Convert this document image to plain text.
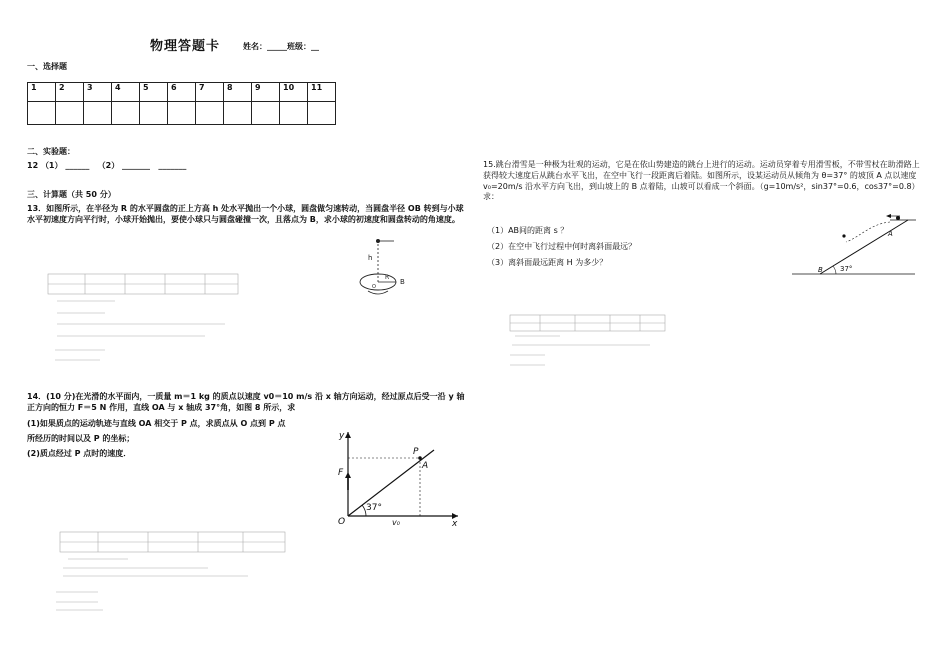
物理答题卡	姓名：_____班级：__
一、选择题
1	2	3	4	5	6	7	8	9	10	11

二、实验题：
12 （1） ______ （2） _______ _______
三、计算题（共 50 分）
13．如图所示，在半径为 R 的水平圆盘的正上方高 h 处水平抛出一个小球，圆盘做匀速转动，当圆盘半径 OB 转到与小球水平初速度方向平行时，小球开始抛出，要使小球只与圆盘碰撞一次，且落点为 B，求小球的初速度和圆盘转动的角速度。
h
R
B
O
14．(10 分)在光滑的水平面内，一质量 m＝1 kg 的质点以速度 v0＝10 m/s 沿 x 轴方向运动，经过原点后受一沿 y 轴正方向的恒力 F＝5 N 作用，直线 OA 与 x 轴成 37°角，如图 8 所示，求
(1)如果质点的运动轨迹与直线 OA 相交于 P 点，求质点从 O 点到 P 点
所经历的时间以及 P 的坐标；
(2)质点经过 P 点时的速度．
y
x
O
P
A
F
37°
v₀
15.跳台滑雪是一种极为壮观的运动，它是在依山势建造的跳台上进行的运动。运动员穿着专用滑雪板，不带雪杖在助滑路上获得较大速度后从跳台水平飞出，在空中飞行一段距离后着陆。如图所示，设某运动员从倾角为 θ=37° 的坡顶 A 点以速度 v₀=20m/s 沿水平方向飞出，到山坡上的 B 点着陆，山坡可以看成一个斜面。（g=10m/s²，sin37°=0.6，cos37°=0.8）求：
（1）AB间的距离 s ？
（2）在空中飞行过程中何时离斜面最远？
（3）离斜面最远距离 H 为多少？
A
B 37°
